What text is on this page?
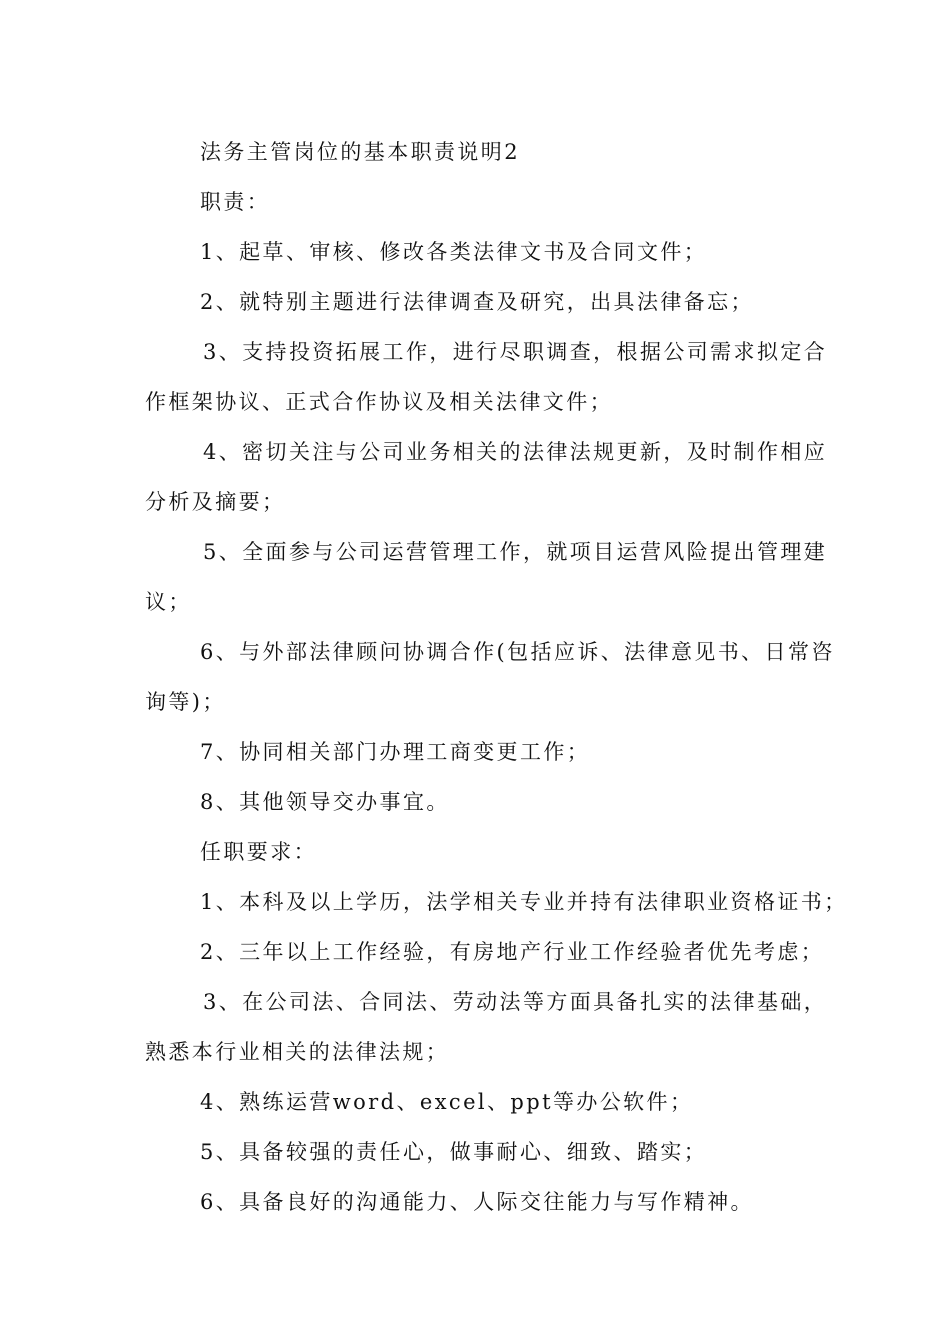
法务主管岗位的基本职责说明2
职责：
1、起草、审核、修改各类法律文书及合同文件；
2、就特别主题进行法律调查及研究，出具法律备忘；
3、支持投资拓展工作，进行尽职调查，根据公司需求拟定合
作框架协议、正式合作协议及相关法律文件；
4、密切关注与公司业务相关的法律法规更新，及时制作相应
分析及摘要；
5、全面参与公司运营管理工作，就项目运营风险提出管理建
议；
6、与外部法律顾问协调合作(包括应诉、法律意见书、日常咨
询等)；
7、协同相关部门办理工商变更工作；
8、其他领导交办事宜。
任职要求：
1、本科及以上学历，法学相关专业并持有法律职业资格证书；
2、三年以上工作经验，有房地产行业工作经验者优先考虑；
3、在公司法、合同法、劳动法等方面具备扎实的法律基础，
熟悉本行业相关的法律法规；
4、熟练运营word、excel、ppt等办公软件；
5、具备较强的责任心，做事耐心、细致、踏实；
6、具备良好的沟通能力、人际交往能力与写作精神。
